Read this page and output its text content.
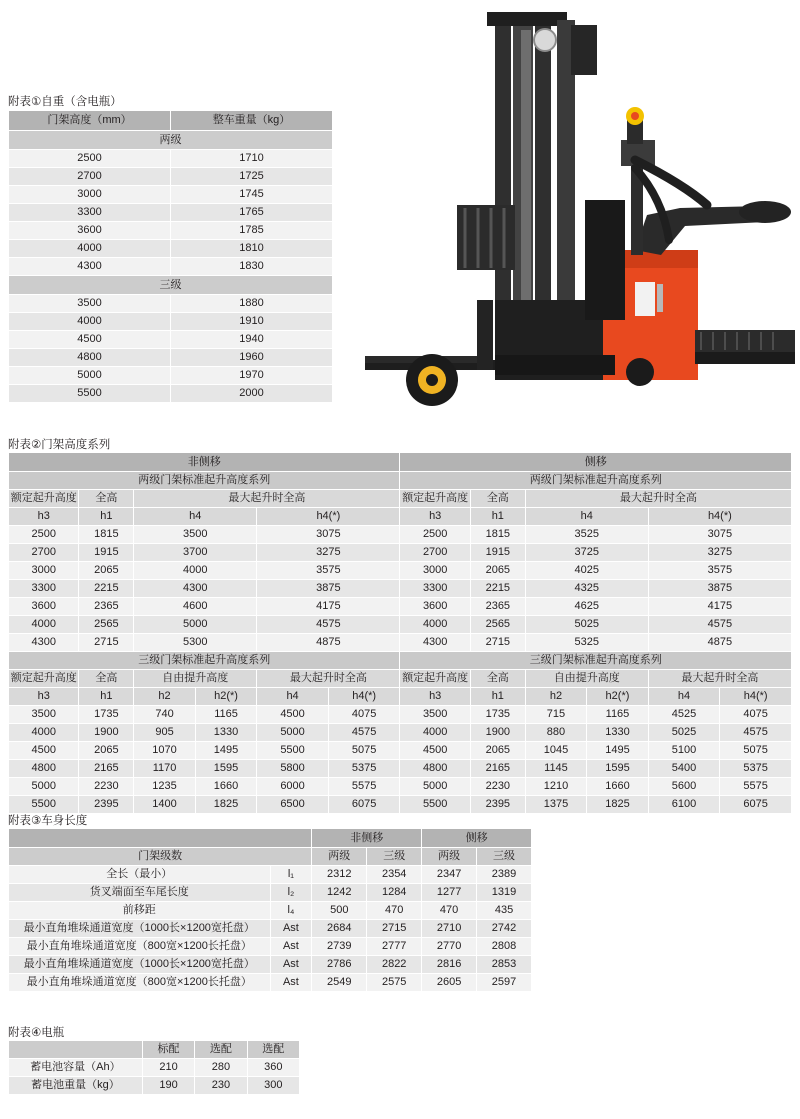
附表①自重（含电瓶）
门架高度（mm）	整车重量（kg）
两级	
2500	1710
2700	1725
3000	1745
3300	1765
3600	1785
4000	1810
4300	1830
三级	
3500	1880
4000	1910
4500	1940
4800	1960
5000	1970
5500	2000
附表②门架高度系列
非侧移						侧移					
两级门架标准起升高度系列						两级门架标准起升高度系列					
额定起升高度	全高	最大起升时全高				额定起升高度	全高	最大起升时全高			
h3	h1	h4		h4(*)		h3	h1	h4		h4(*)	
2500	1815	3500		3075		2500	1815	3525		3075	
2700	1915	3700		3275		2700	1915	3725		3275	
3000	2065	4000		3575		3000	2065	4025		3575	
3300	2215	4300		3875		3300	2215	4325		3875	
3600	2365	4600		4175		3600	2365	4625		4175	
4000	2565	5000		4575		4000	2565	5025		4575	
4300	2715	5300		4875		4300	2715	5325		4875	
三级门架标准起升高度系列						三级门架标准起升高度系列					
额定起升高度	全高	自由提升高度		最大起升时全高		额定起升高度	全高	自由提升高度		最大起升时全高	
h3	h1	h2	h2(*)	h4	h4(*)	h3	h1	h2	h2(*)	h4	h4(*)
3500	1735	740	1165	4500	4075	3500	1735	715	1165	4525	4075
4000	1900	905	1330	5000	4575	4000	1900	880	1330	5025	4575
4500	2065	1070	1495	5500	5075	4500	2065	1045	1495	5100	5075
4800	2165	1170	1595	5800	5375	4800	2165	1145	1595	5400	5375
5000	2230	1235	1660	6000	5575	5000	2230	1210	1660	5600	5575
5500	2395	1400	1825	6500	6075	5500	2395	1375	1825	6100	6075
附表③车身长度
		非侧移		侧移	
门架级数		两级	三级	两级	三级
全长（最小）	l₁	2312	2354	2347	2389
货叉端面至车尾长度	l₂	1242	1284	1277	1319
前移距	l₄	500	470	470	435
最小直角堆垛通道宽度（1000长×1200宽托盘）	Ast	2684	2715	2710	2742
最小直角堆垛通道宽度（800宽×1200长托盘）	Ast	2739	2777	2770	2808
最小直角堆垛通道宽度（1000长×1200宽托盘）	Ast	2786	2822	2816	2853
最小直角堆垛通道宽度（800宽×1200长托盘）	Ast	2549	2575	2605	2597
附表④电瓶
	标配	选配	选配
蓄电池容量（Ah）	210	280	360
蓄电池重量（kg）	190	230	300
